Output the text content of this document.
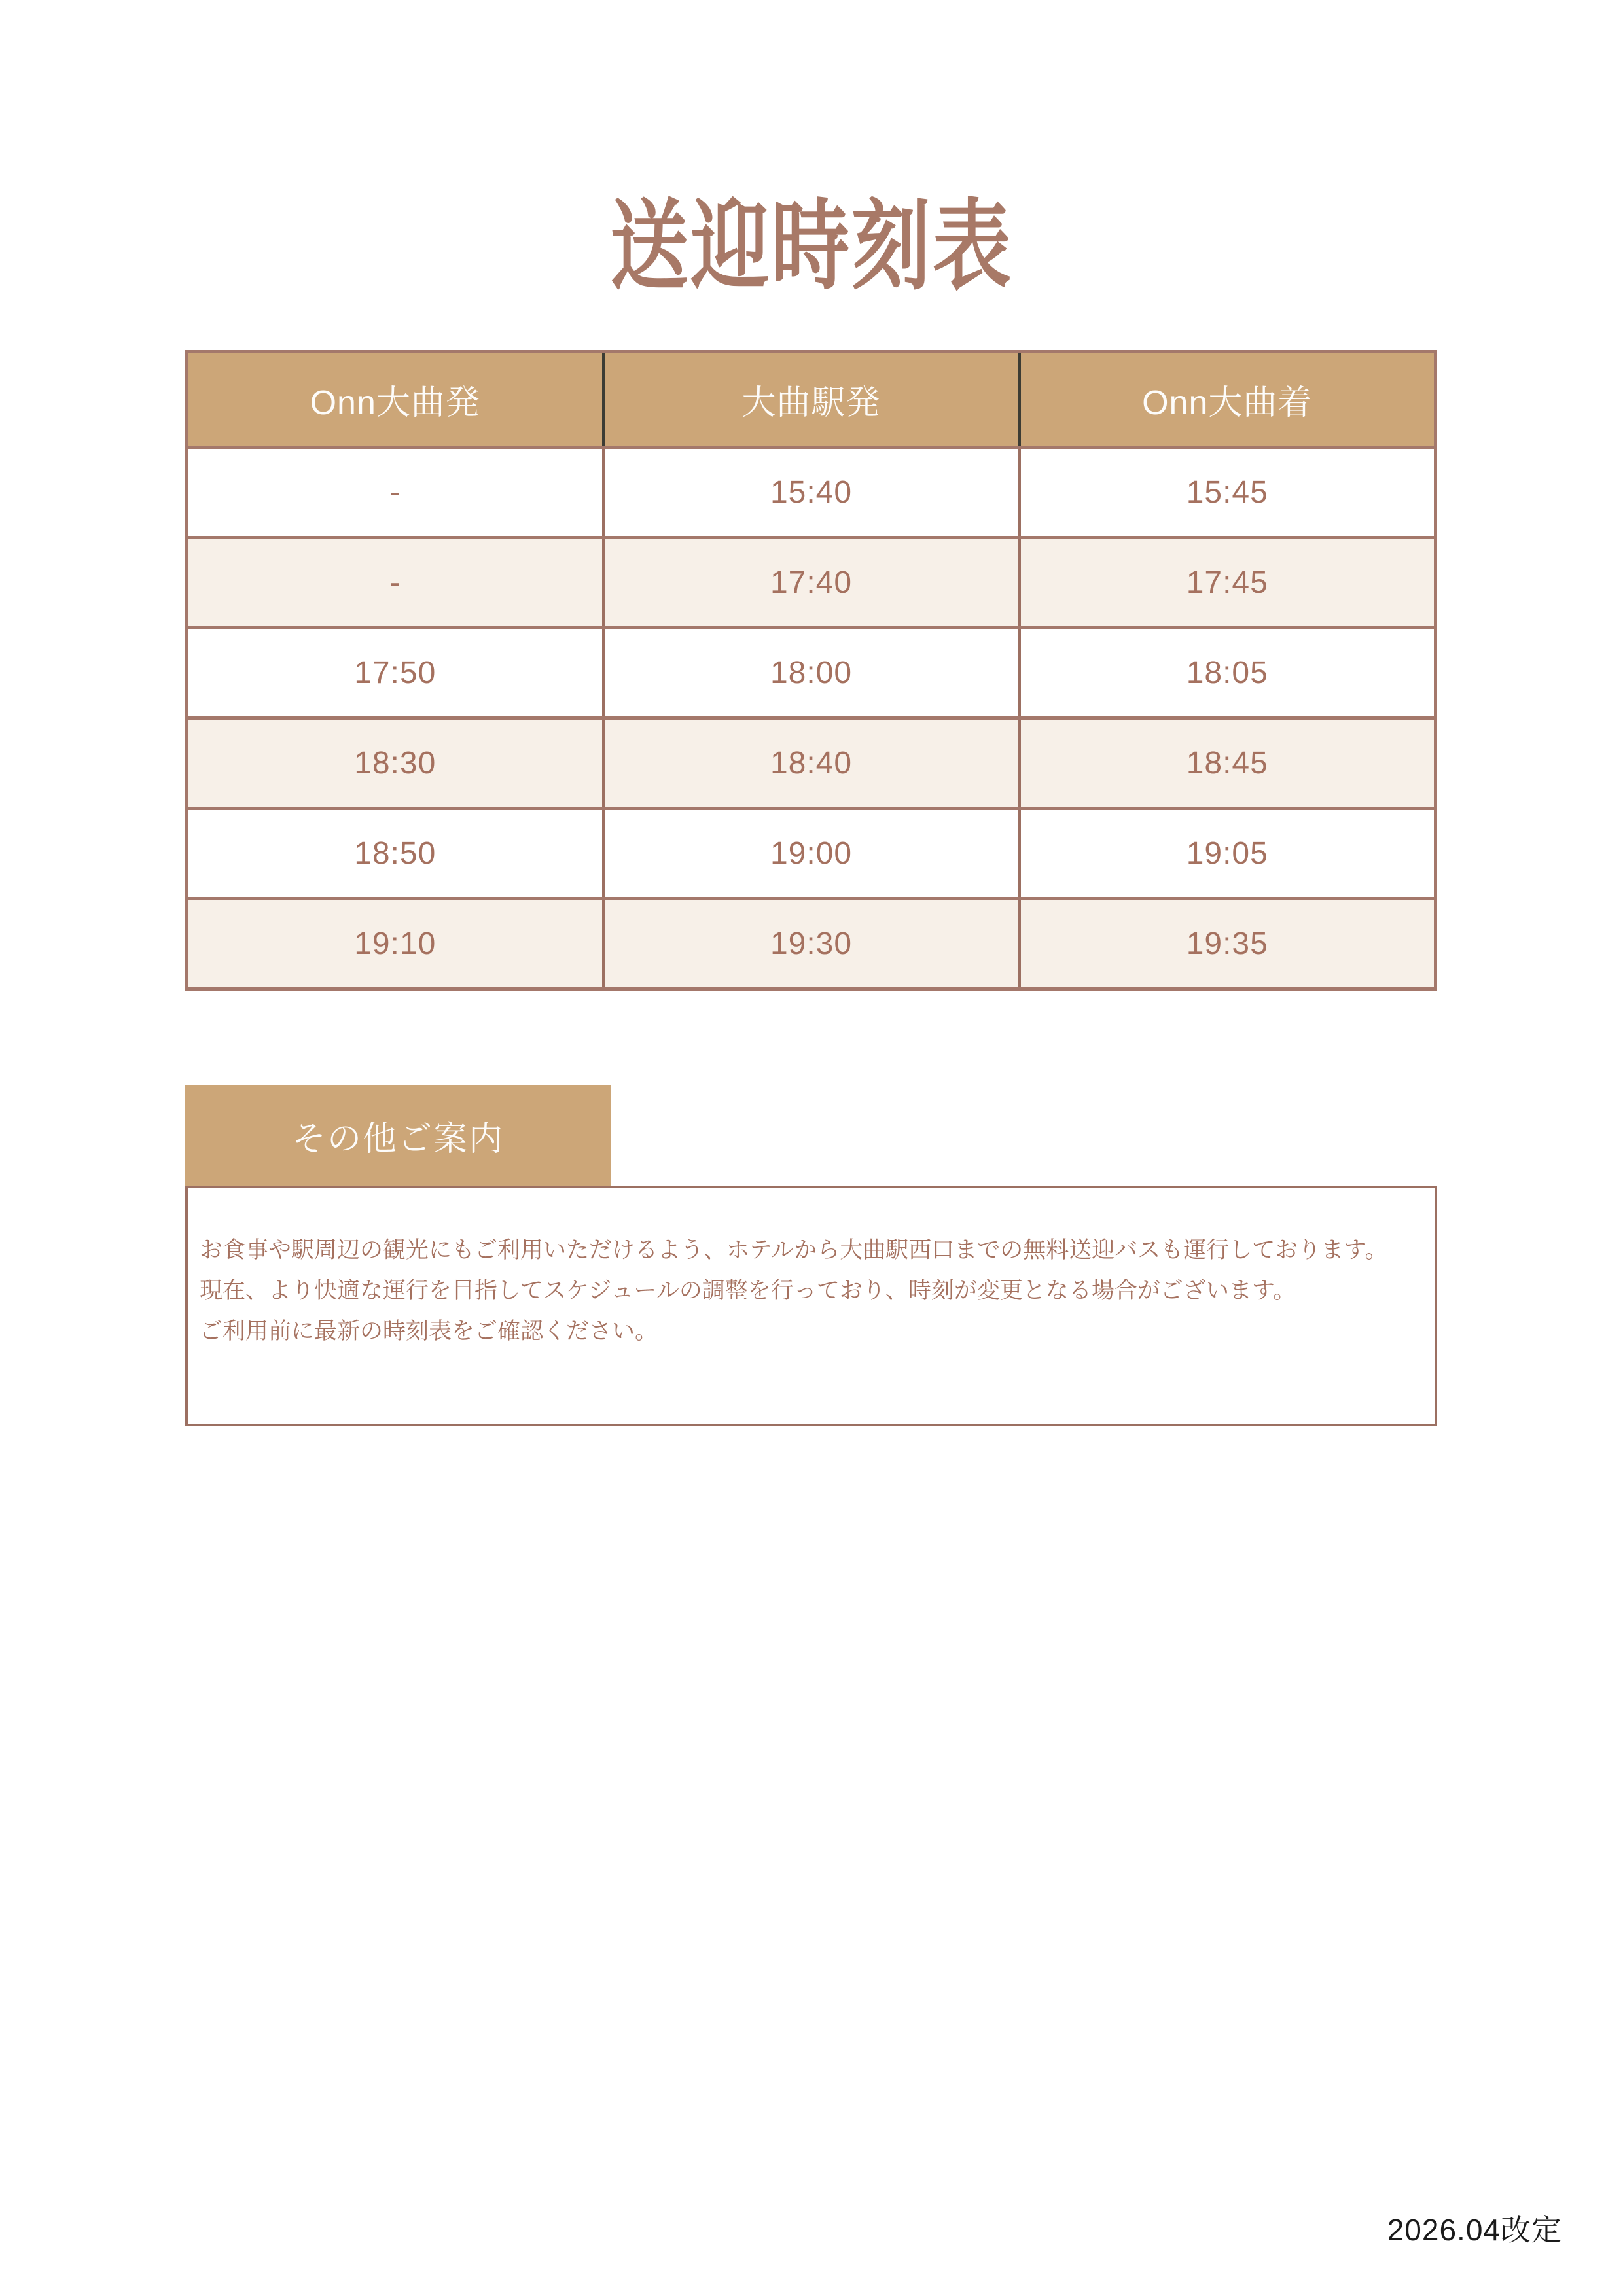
送迎時刻表
Onn大曲発	大曲駅発	Onn大曲着
-	15:40	15:45
-	17:40	17:45
17:50	18:00	18:05
18:30	18:40	18:45
18:50	19:00	19:05
19:10	19:30	19:35
その他ご案内
お食事や駅周辺の観光にもご利用いただけるよう、ホテルから大曲駅西口までの無料送迎バスも運行しております。
現在、より快適な運行を目指してスケジュールの調整を行っており、時刻が変更となる場合がございます。
ご利用前に最新の時刻表をご確認ください。
2026.04改定
